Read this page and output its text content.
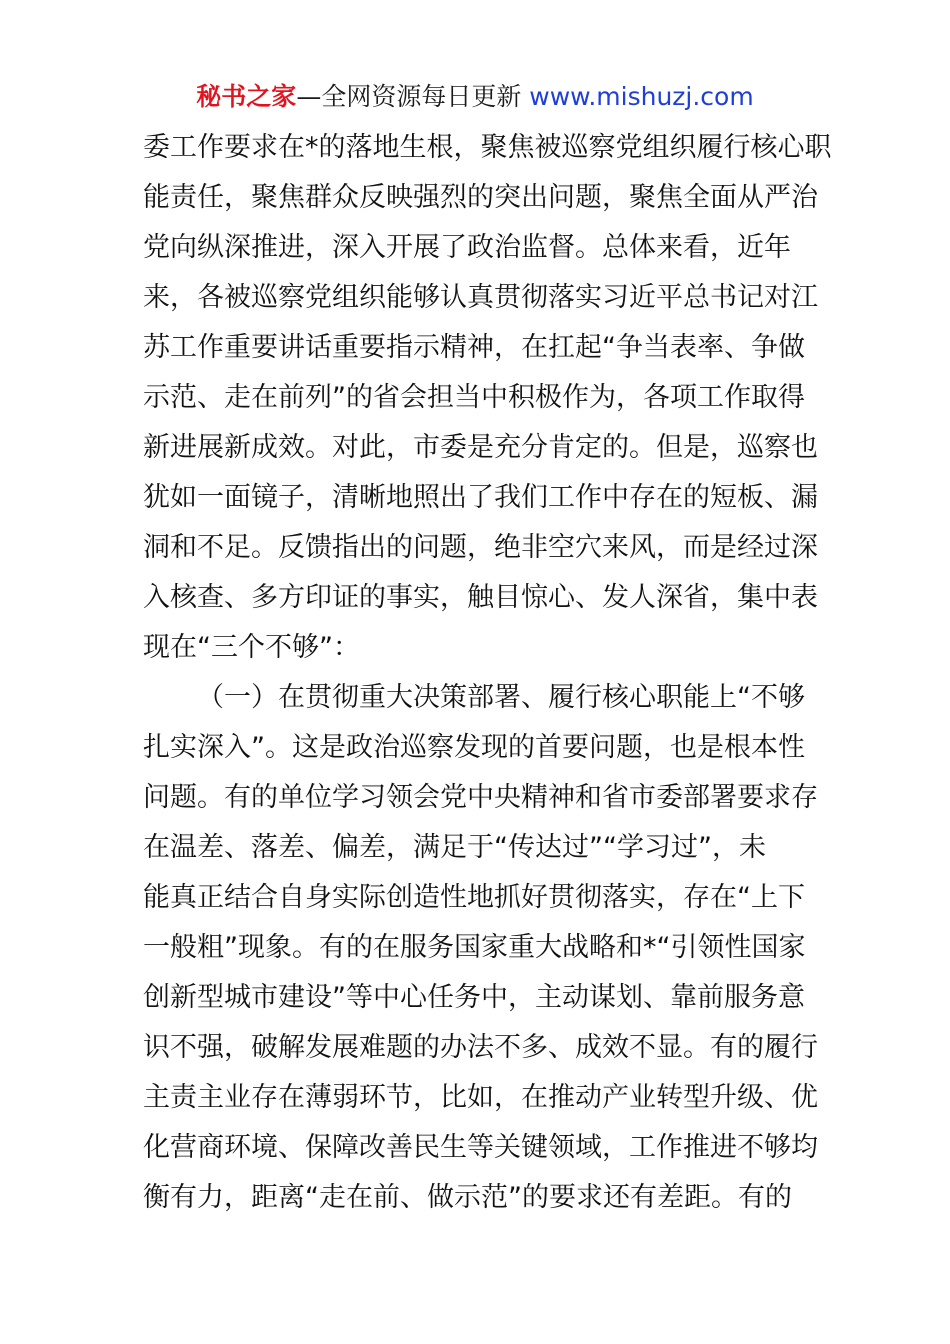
秘书之家—全网资源每日更新 www.mishuzj.com
委工作要求在*的落地生根，聚焦被巡察党组织履行核心职
能责任，聚焦群众反映强烈的突出问题，聚焦全面从严治
党向纵深推进，深入开展了政治监督。总体来看，近年
来，各被巡察党组织能够认真贯彻落实习近平总书记对江
苏工作重要讲话重要指示精神，在扛起“争当表率、争做
示范、走在前列”的省会担当中积极作为，各项工作取得
新进展新成效。对此，市委是充分肯定的。但是，巡察也
犹如一面镜子，清晰地照出了我们工作中存在的短板、漏
洞和不足。反馈指出的问题，绝非空穴来风，而是经过深
入核查、多方印证的事实，触目惊心、发人深省，集中表
现在“三个不够”：
（一）在贯彻重大决策部署、履行核心职能上“不够
扎实深入”。这是政治巡察发现的首要问题，也是根本性
问题。有的单位学习领会党中央精神和省市委部署要求存
在温差、落差、偏差，满足于“传达过”“学习过”，未
能真正结合自身实际创造性地抓好贯彻落实，存在“上下
一般粗”现象。有的在服务国家重大战略和*“引领性国家
创新型城市建设”等中心任务中，主动谋划、靠前服务意
识不强，破解发展难题的办法不多、成效不显。有的履行
主责主业存在薄弱环节，比如，在推动产业转型升级、优
化营商环境、保障改善民生等关键领域，工作推进不够均
衡有力，距离“走在前、做示范”的要求还有差距。有的
